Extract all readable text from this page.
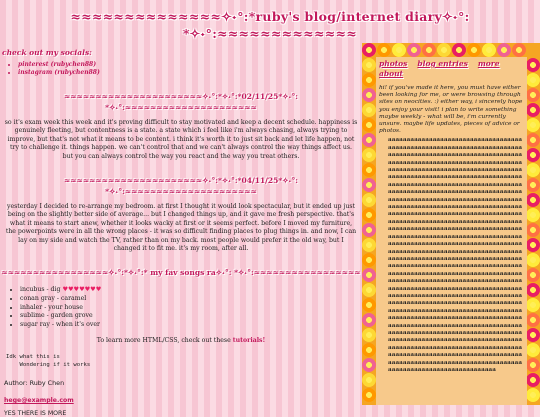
≈≈≈≈≈≈≈≈≈≈≈≈≈≈✧˖°:*ruby's blog/internet diary✧˖°: *✧˖°:≈≈≈≈≈≈≈≈≈≈≈≈≈
check out my socials:
• pinterest (rubychen88)
• instagram (rubychen88)
≈≈≈≈≈≈≈≈≈≈≈≈≈≈≈≈≈≈≈≈≈≈✧˖°:*✧˖°:*02/11/25*✧˖°: *✧˖°:≈≈≈≈≈≈≈≈≈≈≈≈≈≈≈≈≈≈≈≈≈
so it's exam week this week and it's proving difficult to stay motivated and keep a decent schedule. happiness is genuinely fleeting, but contentness is a state. a state which i feel like i'm always chasing, always trying to improve, but that's not what it means to be content. i think it's worth it to just sit back and let life happen, not try to challenge it. things happen. we can't control that and we can't always control the way things affect us. but you can always control the way you react and the way you treat others.
≈≈≈≈≈≈≈≈≈≈≈≈≈≈≈≈≈≈≈≈≈≈✧˖°:*✧˖°:*04/11/25*✧˖°: *✧˖°:≈≈≈≈≈≈≈≈≈≈≈≈≈≈≈≈≈≈≈≈≈
yesterday I decided to re-arrange my bedroom. at first I thought it would look spectacular, but it ended up just being on the slightly better side of average... but I changed things up, and it gave me fresh perspective. that's what it means to start anew, whether it looks wacky at first or it seems perfect. before I moved my furniture, the powerpoints were in all the wrong places - it was so difficult finding places to plug things in. and now, I can lay on my side and watch the TV, rather than on my back. most people would prefer it the old way, but I changed it to fit me. it's my room, after all.
≈≈≈≈≈≈≈≈≈≈≈≈≈≈≈≈≈✧˖°:*✧˖°:* my fav songs ra✧˖°: *✧˖°:≈≈≈≈≈≈≈≈≈≈≈≈≈≈≈≈≈
• incubus - dig ♥♥♥♥♥♥♥
• conan gray - caramel
• inhaler - your house
• sublime - garden grove
• sugar ray - when it's over
To learn more HTML/CSS, check out these tutorials!
Idk what this is
Wondering if it works
Author: Ruby Chen
hege@example.com
YES THERE IS MORE
photos blog entries more about
hi! if you've made it here, you must have either been looking for me, or were browsing through sites on neocities. :) either way, i sincerely hope you enjoy your visit! i plan to write something maybe weekly - what will be, i'm currently unsure. maybe life updates, pieces of advice or photos.
aaaaaaaaaaaaaaaaaaaaaaaaaaaaaaaaaaaaaaaaaaaaaaaaaaaaaaaaaaaaaaaaaaaaaaaaaaaaaaaaaaaaaaaaaaaaaaaaaaaaaaaaaaaaaaaaaaaaaaaaaaaaaaaaaaaaaaaaaaaaaaaaaaaaaaaaaaaaaaaaaaaaaaaaaaaaaaaaaaaaaaaaaaaaaaaaaaaaaaaaaaaaaaaaaaaaaaaaaaaaaaaaaaaaaaaaaaaaaaaaaaaaaaaaaaaaaaaaaaaaaaaaaaaaaaaaaaaaaaaaaaaaaaaaaaaaaaaaaaaaaaaaaaaaaaaaaaaaaaaaaaaaaaaaaaaaaaaaaaaaaaaaaaaaaaaaaaaaaaaaaaaaaaaaaaaaaaaaaaaaaaaaaaaaaaaaaaaaaaaaaaaaaaaaaaaaaaaaaaaaaaaaaaaaaaaaaaaaaaaaaaaaaaaaaaaaaaaaaaaaaaaaaaaaaaaaaaaaaaaaaaaaaaaaaaaaaaaaaaaaaaaaaaaaaaaaaaaaaaaaaaaaaaaaaaaaaaaaaaaaaaaaaaaaaaaaaaaaaaaaaaaaaaaaaaaaaaaaaaaaaaaaaaaaaaaaaaaaaaaaaaaaaaaaaaaaaaaaaaaaaaaaaaaaaaaaaaaaaaaaaaaaaaaaaaaaaaaaaaaaaaaaaaaaaaaaaaaaaaaaaaaaaaaaaaaaaaaaaaaaaaaaaaaaaaaaaaaaaaaaaaaaaaaaaaaaaaaaaaaaaaaaaaaaaaaaaaaaaaaaaaaaaaaaaaaaaaaaaaaaaaaaaaaaaaaaaaaaaaaaaaaaaaaaaaaaaaaaaaaaaaaaaaaaaaaaaaaaaaaaaaaaaaaaaaaaaaaaaaaaaaaaaaaaaaaaaaaaaaaaaaaaaaaaaaaaaaaaaaaaaaaaaaaaaaaaaaaaaaaaaaaaaaaaaaaaaaaaaaaaaaaaaaaaaaaaaaaaaaaaaaaaaaaaaaaaaaaaaaaaaaaaaaaaaaaaaaaaaaaaaaaaaaaaaaaaaaaaaaaaaaaaaaaaaaaaaaaaaaaaaaaaaaaaaaaaaaaaaaaaaaaaaaaaaaaaaaaaaaaaaaaaaaaaaaaaaaaaaaaaaaaaaaaaaaaaaaaaaaaaaaaaaaaaaaaaaaaaaaaaaaaaa
